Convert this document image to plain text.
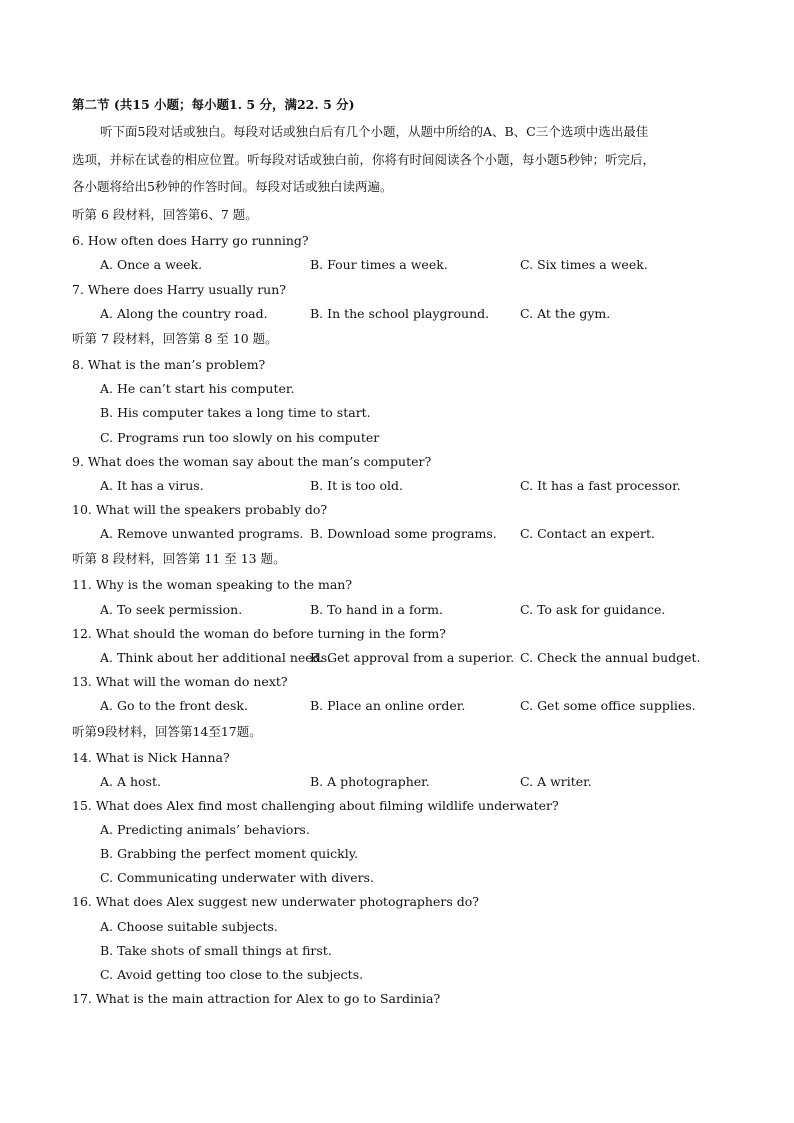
第二节 (共15 小题；每小题1. 5 分，满22. 5 分)
听下面5段对话或独白。每段对话或独白后有几个小题，从题中所给的A、B、C三个选项中选出最佳
选项，并标在试卷的相应位置。听每段对话或独白前，你将有时间阅读各个小题，每小题5秒钟；听完后，
各小题将给出5秒钟的作答时间。每段对话或独白读两遍。
听第 6 段材料，回答第6、7 题。
6. How often does Harry go running?
A. Once a week.	B. Four times a week.	C. Six times a week.
7. Where does Harry usually run?
A. Along the country road.	B. In the school playground. C. At the gym.
听第 7 段材料，回答第 8 至 10 题。
8. What is the man’s problem?
A. He can’t start his computer.
B. His computer takes a long time to start.
C. Programs run too slowly on his computer
9. What does the woman say about the man’s computer?
A. It has a virus.	B. It is too old.	C. It has a fast processor.
10. What will the speakers probably do?
A. Remove unwanted programs. B. Download some programs. C. Contact an expert.
听第 8 段材料，回答第 11 至 13 题。
11. Why is the woman speaking to the man?
A. To seek permission.	B. To hand in a form.	C. To ask for guidance.
12. What should the woman do before turning in the form?
A. Think about her additional needs.
B. Get approval from a superior. C. Check the annual budget.
13. What will the woman do next?
A. Go to the front desk.	B. Place an online order.	C. Get some office supplies.
听第9段材料，回答第14至17题。
14. What is Nick Hanna?
A. A host.	B. A photographer.	C. A writer.
15. What does Alex find most challenging about filming wildlife underwater?
A. Predicting animals’ behaviors.
B. Grabbing the perfect moment quickly.
C. Communicating underwater with divers.
16. What does Alex suggest new underwater photographers do?
A. Choose suitable subjects.
B. Take shots of small things at first.
C. Avoid getting too close to the subjects.
17. What is the main attraction for Alex to go to Sardinia?
